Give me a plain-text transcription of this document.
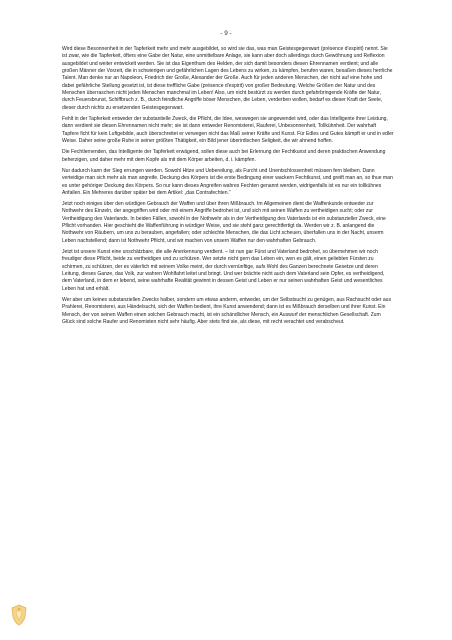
- 9 -

Wird diese Besonnenheit in der Tapferkeit mehr und mehr ausgebildet, so wird sie das, was man Geistesgegenwart (présence d'espirit) nennt. Sie ist zwar, wie die Tapferkeit, öfters eine Gabe der Natur, eine unmittelbare Anlage, sie kann aber doch allerdings durch Gewöhnung und Reflexion ausgebildet und weiter entwickelt werden. Sie ist das Eigenthum des Helden, der sich damit besonders diesen Ehrennamen verdient; und alle großen Männer der Vorzeit, die in schwierigen und gefährlichen Lagen des Lebens zu wirken, zu kämpfen, berufen waren, besaßen dieses herrliche Talent. Man denke nur an Napoleon, Friedrich der Große, Alexander der Große. Auch für jeden anderen Menschen, der nicht auf eine hohe und dabei gefährliche Stellung gesetzt ist, ist diese treffliche Gabe (présence d'espirit) von großer Bedeutung. Welche Größen der Natur und des Menschen überraschen nicht jeden Menschen manchmal im Leben! Also, um nicht bestürzt zu werden durch gefahrbringende Kräfte der Natur, durch Feuersbrunst, Schiffbruch z. B., durch feindliche Angriffe böser Menschen, die Leben, verderben wollen, bedarf es dieser Kraft der Seele, dieser durch nichts zu ersetzenden Geistesgegenwart.

Fehlt in der Tapferkeit entweder der substantielle Zweck, die Pflicht, die Idee, weswegen sie angewendet wird, oder das Intelligente ihrer Leistung, dann verdient sie diesen Ehrennamen nicht mehr; sie ist dann entweder Renomisterei, Rauferei, Unbesonnenheit, Tollkühnheit. Der wahrhaft Tapfere ficht für kein Luftgebilde, auch überschreitet er verwegen nicht das Maß seiner Kräfte und Kunst. Für Edles und Gutes kämpft er und in edler Weise. Daher seine große Ruhe in seiner größten Thätigkeit, ein Bild jener überirdischen Seligkeit, die wir ahnend hoffen.

Die Fechtlernenden, das Intelligente der Tapferkeit erwägend, sollen diese auch bei Erlernung der Fechtkunst und deren praktischen Anwendung beherzigen, und daher mehr mit dem Kopfe als mit dem Körper arbeiten, d. i. kämpfen.

Nur dadurch kann der Sieg errungen werden. Sowohl Hitze und Uebereilung, als Furcht und Unentschlossenheit müssen fern bleiben. Dann verteidige man sich mehr als man angreife. Deckung des Körpers ist die erste Bedingung einer wackern Fechtkunst, und greift man an, so thue man es unter gehöriger Deckung des Körpers. So nur kann dieses Angreifen wahres Fechten genannt werden, widrigenfalls ist es nur ein tollkühnes Anfallen. Ein Mehreres darüber später bei dem Artikel: „das Contrafechten.“

Jetzt noch einiges über den würdigen Gebrauch der Waffen und über ihren Mißbrauch. Im Allgemeinen dient die Waffenkunde entweder zur Nothwehr des Einzeln, der angegriffen wird oder mit einem Angriffe bedrohet ist, und sich mit seinen Waffen zu vertheidigen sucht; oder zur Vertheidigung des Vaterlands. In beiden Fällen, sowohl in der Nothwehr als in der Vertheidigung des Vaterlands ist ein substanzieller Zweck, eine Pflicht vorhanden. Hier geschieht die Waffenführung in würdiger Weise, und sie steht ganz gerechtfertigt da. Werden wir z. B. anlangend die Nothwehr von Räubern, um uns zu berauben, angefallen; oder schlechte Menschen, die das Licht scheuen, überfallen uns in der Nacht, unserm Leben nachstellend; dann ist Nothwehr Pflicht, und wir machen von unsern Waffen nur den wahrhaften Gebrauch.

Jetzt ist unsere Kunst eine unschätzbare, die alle Anerkennung verdient. – Ist nun gar Fürst und Vaterland bedrohet, so übernehmen wir noch freudiger diese Pflicht, beide zu vertheidigen und zu schützen. Wer setzte nicht gern das Leben ein, wen es gält, einen geliebten Fürsten zu schirmen, zu schützen, der es väterlich mit seinem Volke meint, der durch vernünftige, aufs Wohl des Ganzen berechnete Gesetze und deren Leitung, dieses Ganze, das Volk, zur wahren Wohlfahrt leitet und bringt. Und wer brächte nicht auch dem Vaterland sein Opfer, es vertheidigend, dem Vaterland, in dem er lebend, seine wahrhafte Realität gewinnt in dessen Geist und Leben er nur seinen wahrhaften Geist und wesentliches Leben hat und erhält.

Wer aber um keines substanziellen Zwecks halber, sondern um etwas anderm, entweder, um der Selbstsucht zu genügen, aus Rachsucht oder aus Prahlerei, Renomisterei, aus Händelsucht, sich der Waffen bedient, ihre Kunst anwendend; dann ist es Mißbrauch derselben und ihrer Kunst. Ein Mensch, der von seinen Waffen einen solchen Gebrauch macht, ist ein schändlicher Mensch, ein Auswurf der menschlichen Gesellschaft. Zum Glück sind solche Raufer und Renomisten nicht sehr häufig. Aber stets find sie, als diese, mit recht verachtet und verabscheut.
